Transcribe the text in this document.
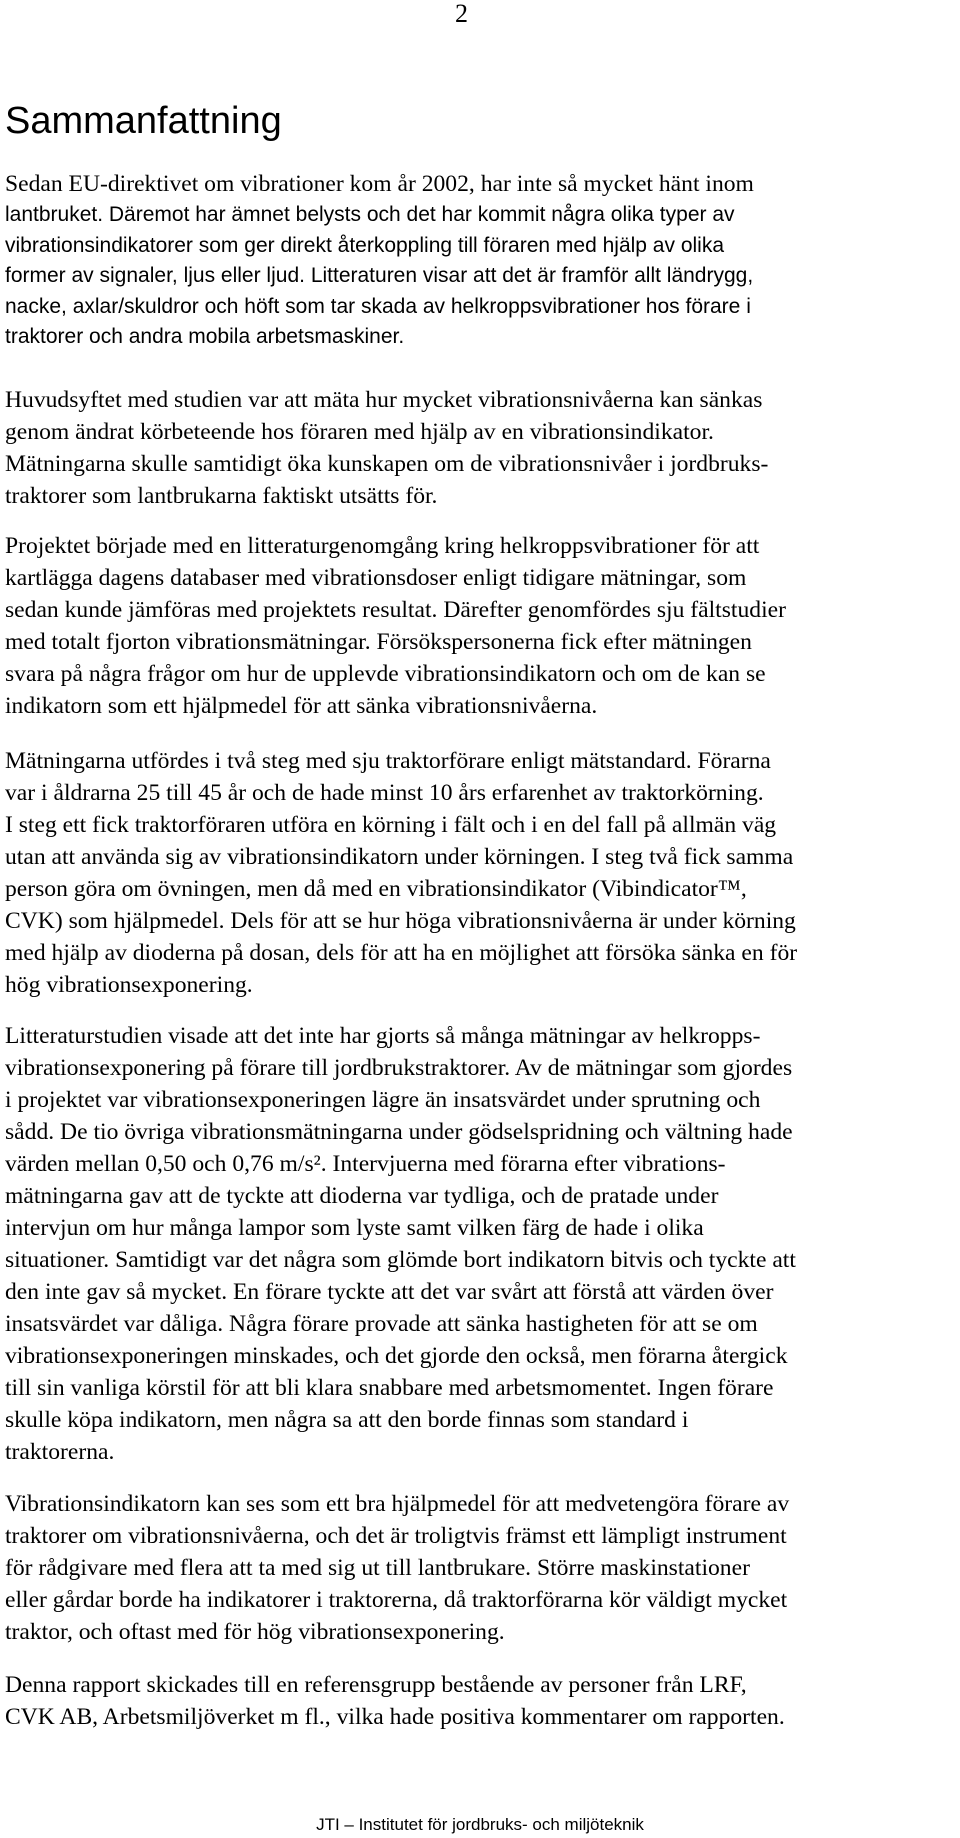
2
Sammanfattning
Sedan EU-direktivet om vibrationer kom år 2002, har inte så mycket hänt inom
lantbruket. Däremot har ämnet belysts och det har kommit några olika typer av
vibrationsindikatorer som ger direkt återkoppling till föraren med hjälp av olika
former av signaler, ljus eller ljud. Litteraturen visar att det är framför allt ländrygg,
nacke, axlar/skuldror och höft som tar skada av helkroppsvibrationer hos förare i
traktorer och andra mobila arbetsmaskiner.
Huvudsyftet med studien var att mäta hur mycket vibrationsnivåerna kan sänkas
genom ändrat körbeteende hos föraren med hjälp av en vibrationsindikator.
Mätningarna skulle samtidigt öka kunskapen om de vibrationsnivåer i jordbruks-
traktorer som lantbrukarna faktiskt utsätts för.
Projektet började med en litteraturgenomgång kring helkroppsvibrationer för att
kartlägga dagens databaser med vibrationsdoser enligt tidigare mätningar, som
sedan kunde jämföras med projektets resultat. Därefter genomfördes sju fältstudier
med totalt fjorton vibrationsmätningar. Försökspersonerna fick efter mätningen
svara på några frågor om hur de upplevde vibrationsindikatorn och om de kan se
indikatorn som ett hjälpmedel för att sänka vibrationsnivåerna.
Mätningarna utfördes i två steg med sju traktorförare enligt mätstandard. Förarna
var i åldrarna 25 till 45 år och de hade minst 10 års erfarenhet av traktorkörning.
I steg ett fick traktorföraren utföra en körning i fält och i en del fall på allmän väg
utan att använda sig av vibrationsindikatorn under körningen. I steg två fick samma
person göra om övningen, men då med en vibrationsindikator (Vibindicator™,
CVK) som hjälpmedel. Dels för att se hur höga vibrationsnivåerna är under körning
med hjälp av dioderna på dosan, dels för att ha en möjlighet att försöka sänka en för
hög vibrationsexponering.
Litteraturstudien visade att det inte har gjorts så många mätningar av helkropps-
vibrationsexponering på förare till jordbrukstraktorer. Av de mätningar som gjordes
i projektet var vibrationsexponeringen lägre än insatsvärdet under sprutning och
sådd. De tio övriga vibrationsmätningarna under gödselspridning och vältning hade
värden mellan 0,50 och 0,76 m/s². Intervjuerna med förarna efter vibrations-
mätningarna gav att de tyckte att dioderna var tydliga, och de pratade under
intervjun om hur många lampor som lyste samt vilken färg de hade i olika
situationer. Samtidigt var det några som glömde bort indikatorn bitvis och tyckte att
den inte gav så mycket. En förare tyckte att det var svårt att förstå att värden över
insatsvärdet var dåliga. Några förare provade att sänka hastigheten för att se om
vibrationsexponeringen minskades, och det gjorde den också, men förarna återgick
till sin vanliga körstil för att bli klara snabbare med arbetsmomentet. Ingen förare
skulle köpa indikatorn, men några sa att den borde finnas som standard i
traktorerna.
Vibrationsindikatorn kan ses som ett bra hjälpmedel för att medvetengöra förare av
traktorer om vibrationsnivåerna, och det är troligtvis främst ett lämpligt instrument
för rådgivare med flera att ta med sig ut till lantbrukare. Större maskinstationer
eller gårdar borde ha indikatorer i traktorerna, då traktorförarna kör väldigt mycket
traktor, och oftast med för hög vibrationsexponering.
Denna rapport skickades till en referensgrupp bestående av personer från LRF,
CVK AB, Arbetsmiljöverket m fl., vilka hade positiva kommentarer om rapporten.
JTI – Institutet för jordbruks- och miljöteknik
